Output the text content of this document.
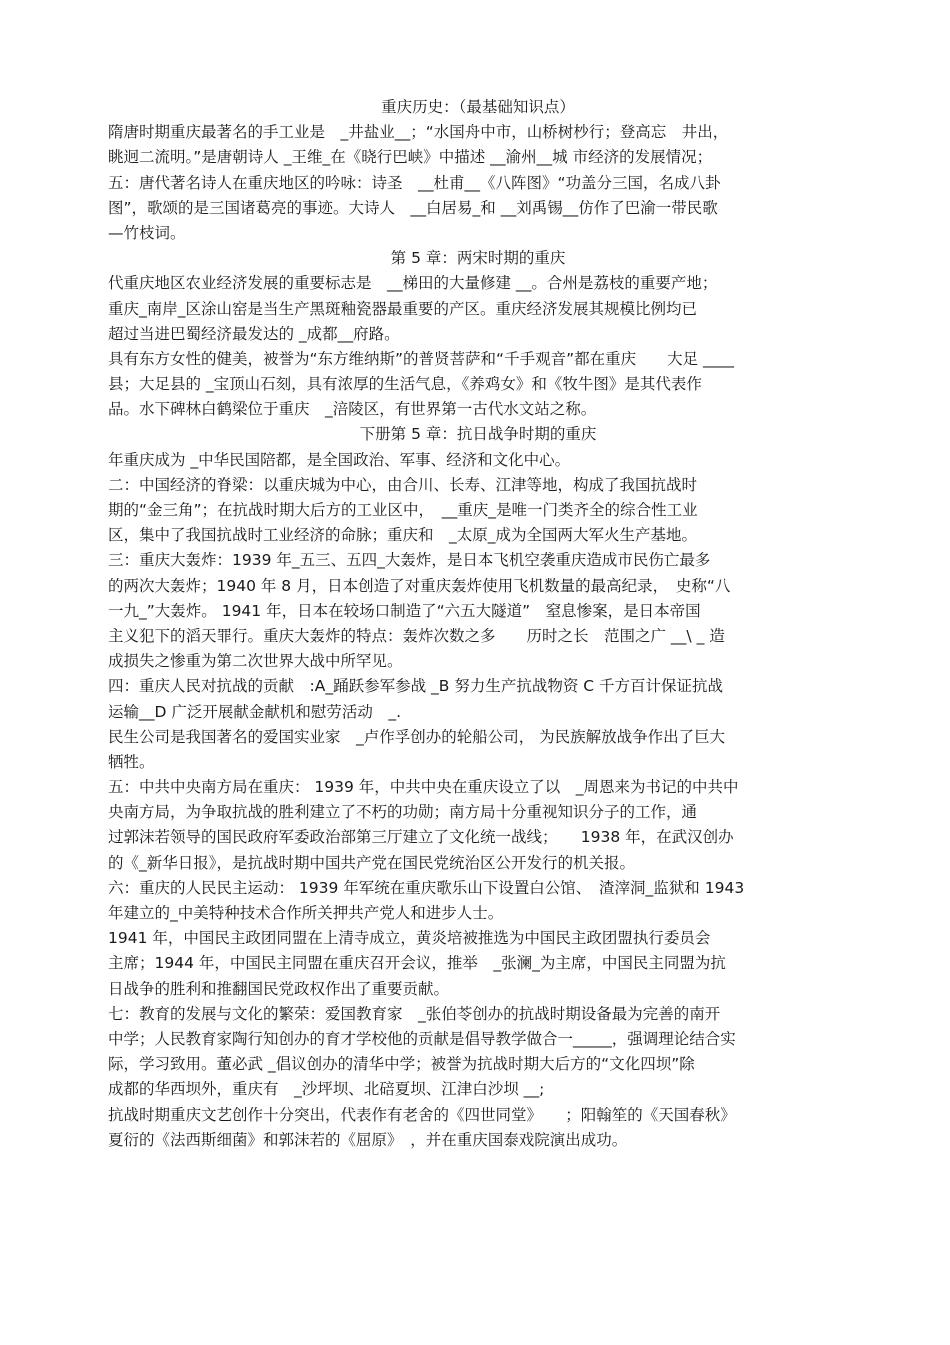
重庆历史：（最基础知识点）
隋唐时期重庆最著名的手工业是　_井盐业__；“水国舟中市，山桥树杪行；登高忘　井出，
眺迥二流明。”是唐朝诗人 _王维_在《晓行巴峡》中描述 __渝州__城 市经济的发展情况；
五：唐代著名诗人在重庆地区的吟咏：诗圣　__杜甫__《八阵图》“功盖分三国，名成八卦
图”，歌颂的是三国诸葛亮的事迹。大诗人　__白居易_和 __刘禹锡__仿作了巴渝一带民歌
—竹枝词。
第 5 章：两宋时期的重庆
代重庆地区农业经济发展的重要标志是　__梯田的大量修建 __。合州是荔枝的重要产地；
重庆_南岸_区涂山窑是当生产黑斑釉瓷器最重要的产区。重庆经济发展其规模比例均已
超过当进巴蜀经济最发达的 _成都__府路。
具有东方女性的健美，被誉为“东方维纳斯”的普贤菩萨和“千手观音”都在重庆　　大足 ____
县；大足县的 _宝顶山石刻，具有浓厚的生活气息，《养鸡女》和《牧牛图》是其代表作
品。水下碑林白鹤梁位于重庆　_涪陵区，有世界第一古代水文站之称。
下册第 5 章：抗日战争时期的重庆
年重庆成为 _中华民国陪都，是全国政治、军事、经济和文化中心。
二：中国经济的脊梁：以重庆城为中心，由合川、长寿、江津等地，构成了我国抗战时
期的“金三角”；在抗战时期大后方的工业区中，　__重庆_是唯一门类齐全的综合性工业
区，集中了我国抗战时工业经济的命脉；重庆和　_太原_成为全国两大军火生产基地。
三：重庆大轰炸：1939 年_五三、五四_大轰炸，是日本飞机空袭重庆造成市民伤亡最多
的两次大轰炸；1940 年 8 月，日本创造了对重庆轰炸使用飞机数量的最高纪录，　史称“八
一九_”大轰炸。 1941 年，日本在较场口制造了“六五大隧道”　窒息惨案，是日本帝国
主义犯下的滔天罪行。重庆大轰炸的特点：轰炸次数之多　　历时之长　范围之广 __\ _ 造
成损失之惨重为第二次世界大战中所罕见。
四：重庆人民对抗战的贡献　:A_踊跃参军参战 _B 努力生产抗战物资 C 千方百计保证抗战
运输__D 广泛开展献金献机和慰劳活动　_.
民生公司是我国著名的爱国实业家　_卢作孚创办的轮船公司， 为民族解放战争作出了巨大
牺牲。
五：中共中央南方局在重庆： 1939 年，中共中央在重庆设立了以　_周恩来为书记的中共中
央南方局，为争取抗战的胜利建立了不朽的功勋；南方局十分重视知识分子的工作，通
过郭沫若领导的国民政府军委政治部第三厅建立了文化统一战线；　　1938 年，在武汉创办
的《_新华日报》，是抗战时期中国共产党在国民党统治区公开发行的机关报。
六：重庆的人民民主运动： 1939 年军统在重庆歌乐山下设置白公馆、　渣滓洞_监狱和 1943
年建立的_中美特种技术合作所关押共产党人和进步人士。
1941 年，中国民主政团同盟在上清寺成立，黄炎培被推选为中国民主政团盟执行委员会
主席；1944 年，中国民主同盟在重庆召开会议，推举　_张澜_为主席，中国民主同盟为抗
日战争的胜利和推翻国民党政权作出了重要贡献。
七：教育的发展与文化的繁荣：爱国教育家　_张伯苓创办的抗战时期设备最为完善的南开
中学；人民教育家陶行知创办的育才学校他的贡献是倡导教学做合一_____，强调理论结合实
际，学习致用。董必武 _倡议创办的清华中学；被誉为抗战时期大后方的“文化四坝”除
成都的华西坝外，重庆有　_沙坪坝、北碚夏坝、江津白沙坝 __;
抗战时期重庆文艺创作十分突出，代表作有老舍的《四世同堂》　　；阳翰笙的《天国春秋》
夏衍的《法西斯细菌》和郭沫若的《屈原》　，并在重庆国泰戏院演出成功。
